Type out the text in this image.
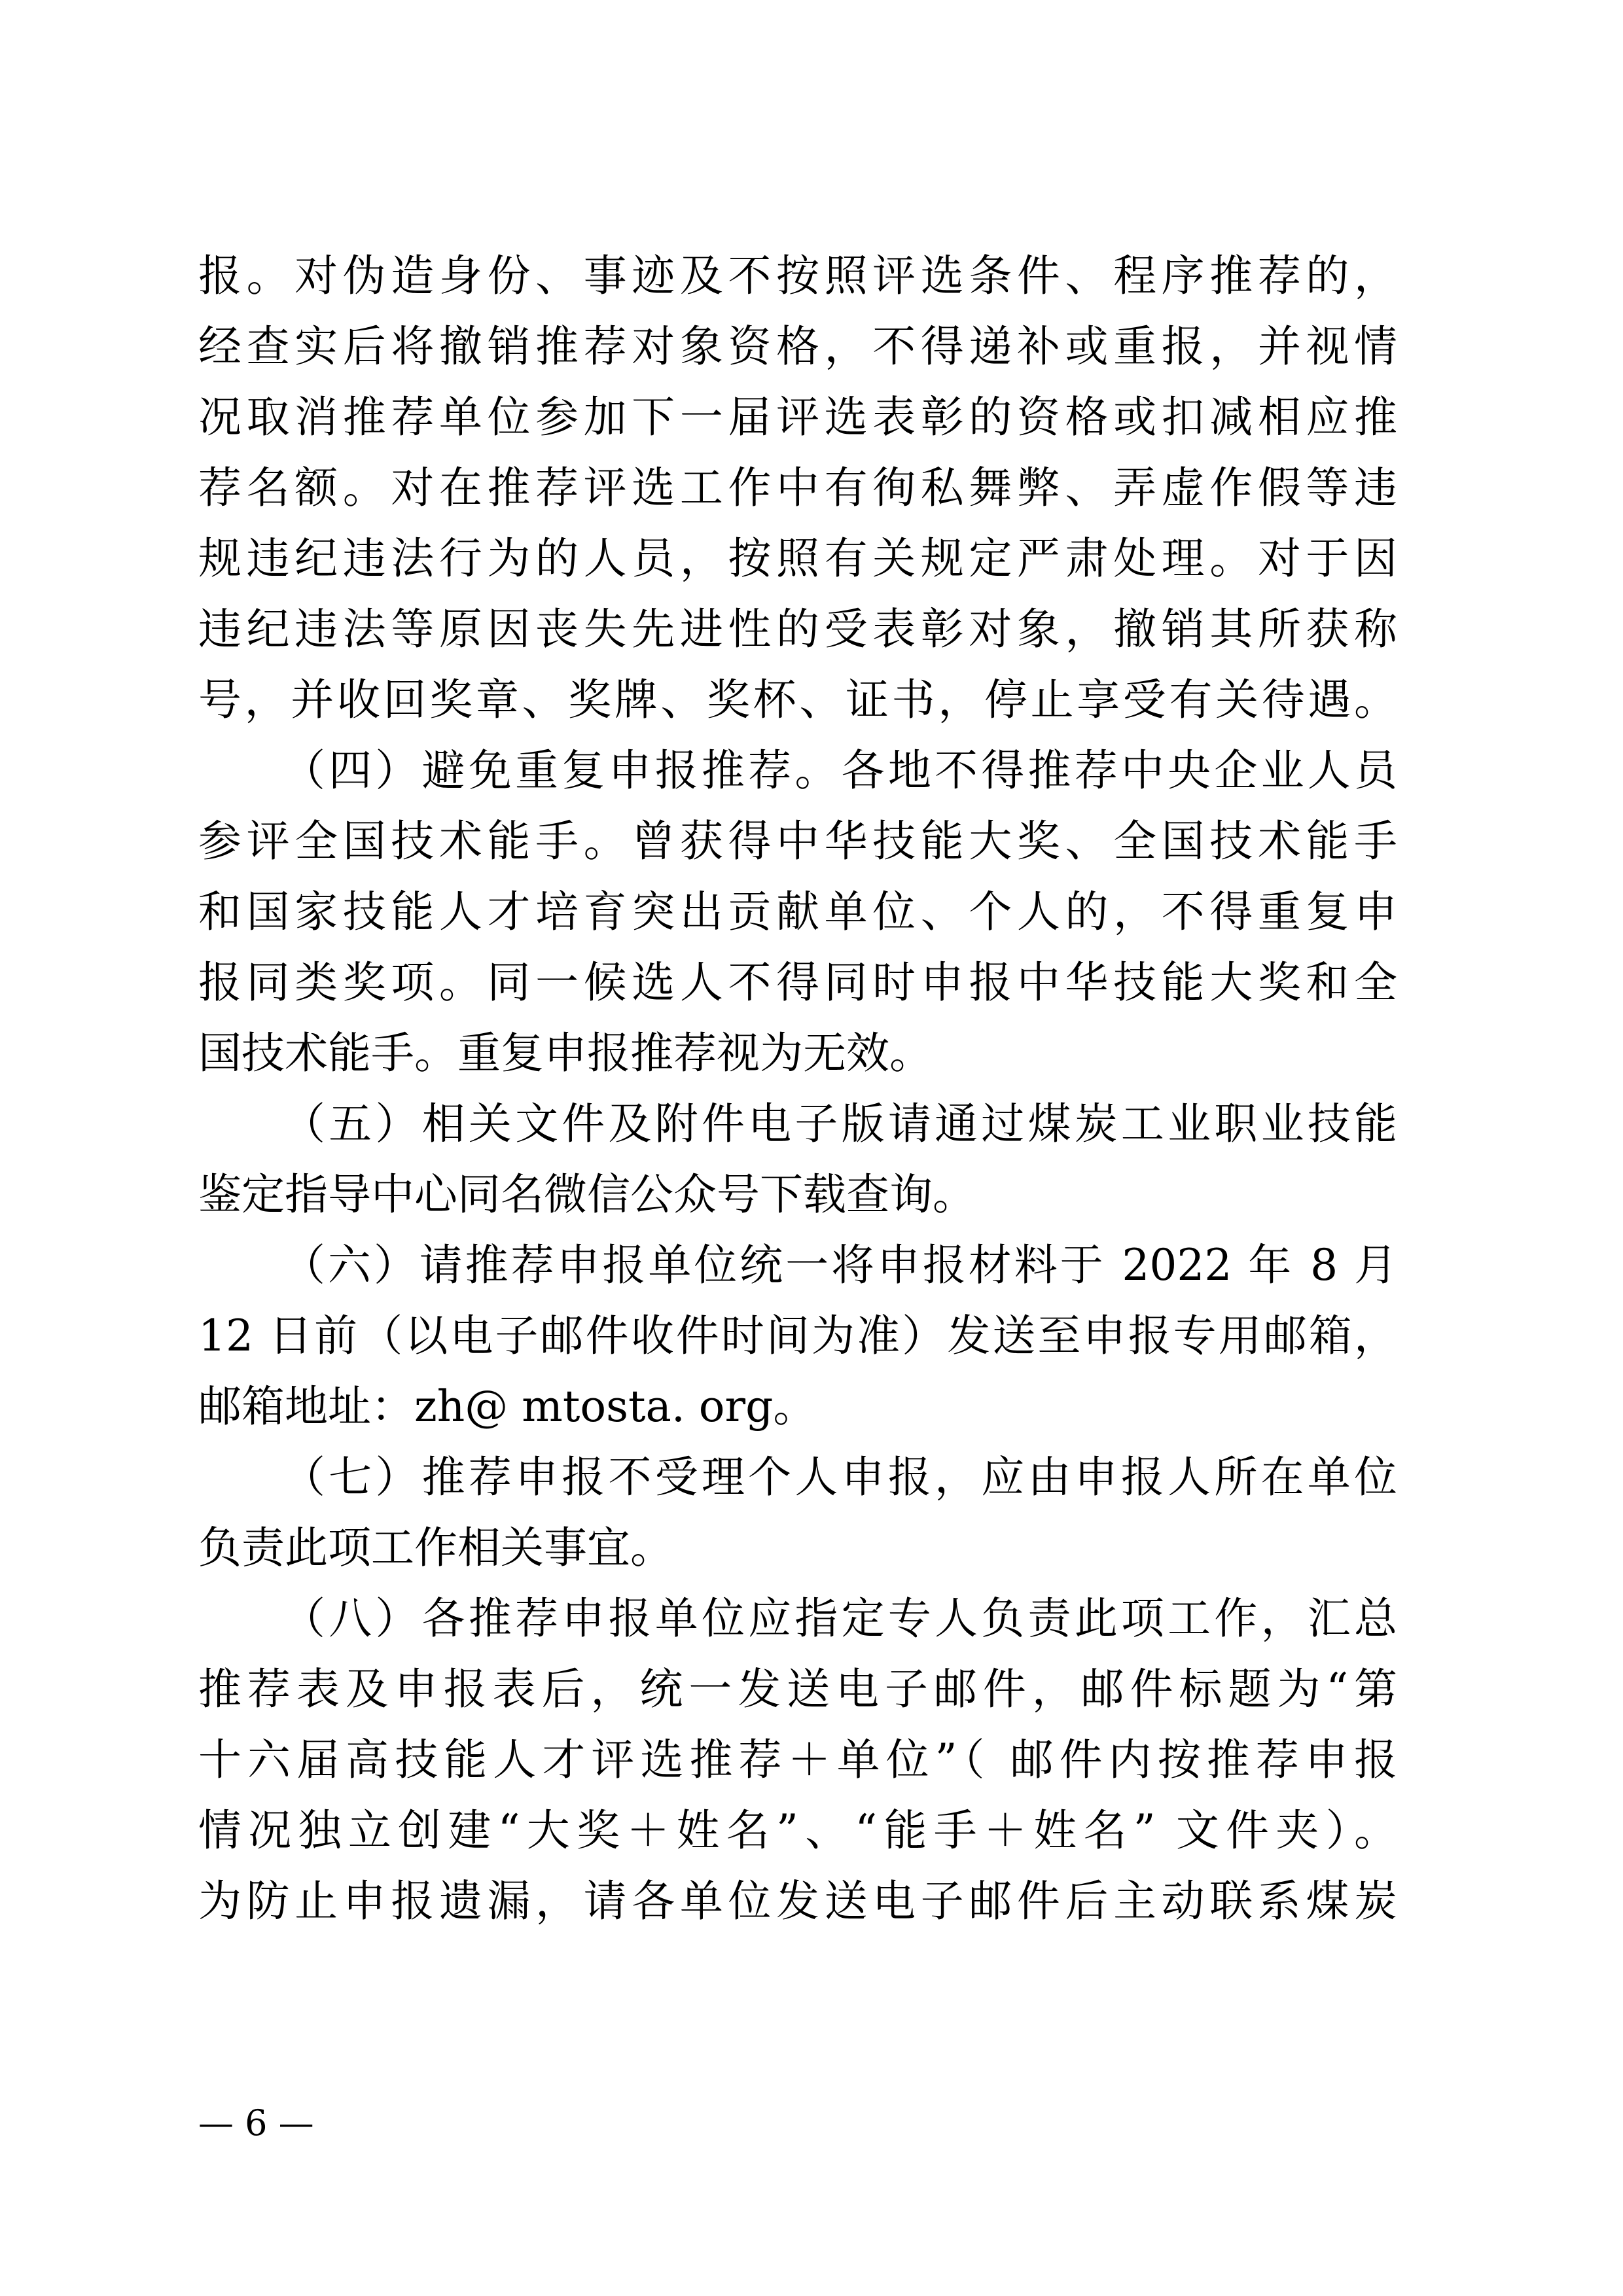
报。对伪造身份、事迹及不按照评选条件、程序推荐的，
经查实后将撤销推荐对象资格，不得递补或重报，并视情
况取消推荐单位参加下一届评选表彰的资格或扣减相应推
荐名额。对在推荐评选工作中有徇私舞弊、弄虚作假等违
规违纪违法行为的人员，按照有关规定严肃处理。对于因
违纪违法等原因丧失先进性的受表彰对象，撤销其所获称
号，并收回奖章、奖牌、奖杯、证书，停止享受有关待遇。
（四）避免重复申报推荐。各地不得推荐中央企业人员
参评全国技术能手。曾获得中华技能大奖、全国技术能手
和国家技能人才培育突出贡献单位、个人的，不得重复申
报同类奖项。同一候选人不得同时申报中华技能大奖和全
国技术能手。重复申报推荐视为无效。
（五）相关文件及附件电子版请通过煤炭工业职业技能
鉴定指导中心同名微信公众号下载查询。
（六）请推荐申报单位统一将申报材料于 2022 年 8 月
12 日前（以电子邮件收件时间为准）发送至申报专用邮箱，
邮箱地址：zh@ mtosta. org。
（七）推荐申报不受理个人申报，应由申报人所在单位
负责此项工作相关事宜。
（八）各推荐申报单位应指定专人负责此项工作，汇总
推荐表及申报表后，统一发送电子邮件，邮件标题为“第
十六届高技能人才评选推荐＋单位”（ 邮件内按推荐申报
情况独立创建“大奖＋姓名”、“能手＋姓名” 文件夹）。
为防止申报遗漏，请各单位发送电子邮件后主动联系煤炭
— 6 —
